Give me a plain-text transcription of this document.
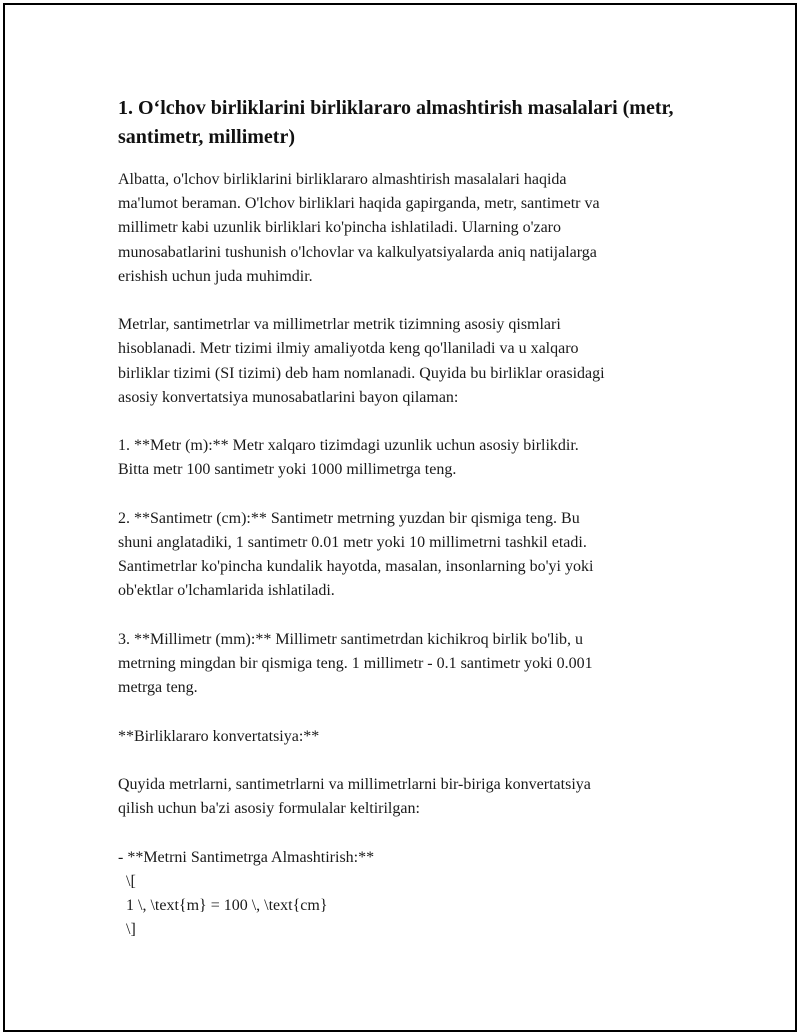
1. O‘lchov birliklarini birliklararo almashtirish masalalari (metr, santimetr, millimetr)

Albatta, o'lchov birliklarini birliklararo almashtirish masalalari haqida
ma'lumot beraman. O'lchov birliklari haqida gapirganda, metr, santimetr va
millimetr kabi uzunlik birliklari ko'pincha ishlatiladi. Ularning o'zaro
munosabatlarini tushunish o'lchovlar va kalkulyatsiyalarda aniq natijalarga
erishish uchun juda muhimdir.

Metrlar, santimetrlar va millimetrlar metrik tizimning asosiy qismlari
hisoblanadi. Metr tizimi ilmiy amaliyotda keng qo'llaniladi va u xalqaro
birliklar tizimi (SI tizimi) deb ham nomlanadi. Quyida bu birliklar orasidagi
asosiy konvertatsiya munosabatlarini bayon qilaman:

1. **Metr (m):** Metr xalqaro tizimdagi uzunlik uchun asosiy birlikdir.
Bitta metr 100 santimetr yoki 1000 millimetrga teng.

2. **Santimetr (cm):** Santimetr metrning yuzdan bir qismiga teng. Bu
shuni anglatadiki, 1 santimetr 0.01 metr yoki 10 millimetrni tashkil etadi.
Santimetrlar ko'pincha kundalik hayotda, masalan, insonlarning bo'yi yoki
ob'ektlar o'lchamlarida ishlatiladi.

3. **Millimetr (mm):** Millimetr santimetrdan kichikroq birlik bo'lib, u
metrning mingdan bir qismiga teng. 1 millimetr - 0.1 santimetr yoki 0.001
metrga teng.

**Birliklararo konvertatsiya:**

Quyida metrlarni, santimetrlarni va millimetrlarni bir-biriga konvertatsiya
qilish uchun ba'zi asosiy formulalar keltirilgan:

- **Metrni Santimetrga Almashtirish:**
\[
1 \, \text{m} = 100 \, \text{cm}
\]
